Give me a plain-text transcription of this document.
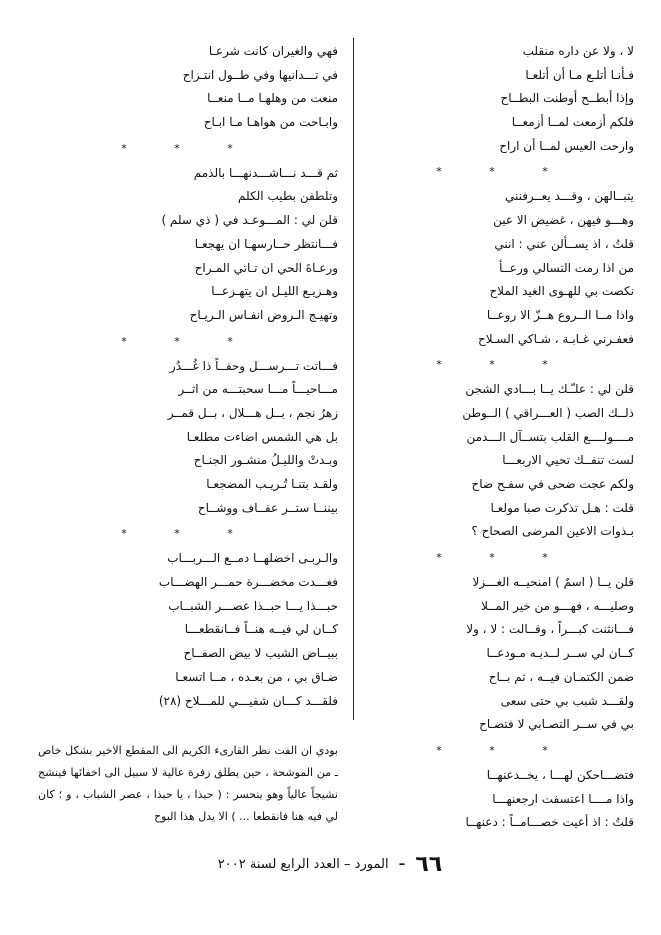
لا ، ولا عن داره منقلب
فـأنـا أتلـع مـا أن أتلعـا
وإذا أبطــح أوطنت البطــاح
فلكم أزمعت لمــا أزمعــا
وارحت العيس لمــا أن اراح
* * *
يتبــالهن ، وقـــد يعــرفنني
وهـــو فيهن ، غضيض الا عين
قلتُ ، اذ يســألن عني : انني
من اذا رمت التسالي ورعــأ
نكصت بي للهـوى الغيد الملاح
واذا مــا الــروع هــزّ الا روعــا
فعفـرني غـابـة ، شـاكي السـلاح
* * *
قلن لي : علـّـك يــا بـــادي الشجن
ذلــك الصب ( العـــراقي ) الــوطن
مــــولــــع القلب بتســآل الـــدمن
لست تنفــك تحيي الاربعـــا
ولكم عجت ضحى في سفـح ضاح
قلت : هـل تذكرت صبا مولعـا
بـذوات الاعين المرضى الصحاح ؟
* * *
قلن يــا ( اسمٌ ) امنحيــه الغـــزلا
وصليـــه ، فهـــو من خير المــلا
فـــانثنت كبـــراً ، وقــالت : لا ، ولا
كــان لي ســر لــديـه مـودعــا
ضمن الكتمـان فيــه ، ثم بــاح
ولقـــد شبب بي حتى سعى
بي في ســر التصـابي لا فتضـاح
* * *
فتضـــاحكن لهـــا ، يخــدعنهــا
واذا مــــا اعتسفت ارجعنهـــا
قلتُ : اذ أعيت خصـــامــاً : دعنهــا
فهي والغيران كانت شرعـا
في تـــدانيها وفي طــول انتـزاح
منعت من وهلهـا مــا منعــا
وابـاحت من هواهـا مـا ابـاح
* * *
ثم قـــد نـــاشـــدنهـــا بالذمم
وتلطفن بطيب الكلم
قلن لي : المـــوعـد في ( ذي سلم )
فـــانتظر حــارسهـا ان يهجعـا
ورعـاةَ الحي ان تـاتي المـراح
وهـزيـع الليـل ان يتهـزعــا
وتهيـج الـروض انفـاس الـريـاح
* * *
فـــاتت تـــرســـل وحفــاً ذا غُـــدُر
مـــاحيـــاً مـــا سحبتـــه من اثــر
زهرُ نجم ، بــل هـــلال ، بــل قمــر
بل هي الشمس اضاءت مطلعـا
وبـدتْ والليـلُ منشـور الجنـاح
ولقـد بتنـا تُـريـب المضجعـا
بيننــا ستــر عفــاف ووشــاح
* * *
والـربـى اخضلهــا دمــع الـــربـــاب
فغـــدت مخضـــرة حمـــر الهضـــاب
حبـــذا يـــا حبــذا عصـــر الشبــاب
كــان لي فيــه هنــاً فــانقطعـــا
ببيــاض الشيب لا بيض الصفــاح
ضـاق بي ، من بعـده ، مــا اتسعـا
فلقـــد كـــان شفيـــي للمـــلاح (٢٨)
بودي ان الفت نظر القارىء الكريم الى المقطع الاخير بشكل خاص ـ من الموشحة ، حين يطلق زفرة عالية لا سبيل الى اخفائها فينشج نشيجاً عالياً وهو يتحسر : ( حبذا ، يا حبذا ، عصر الشباب ، و ؛ كان لي فيه هنا فانقطعا ... ) الا يدل هذا البوح
٦٦ – المورد – العدد الرابع لسنة ٢٠٠٢
